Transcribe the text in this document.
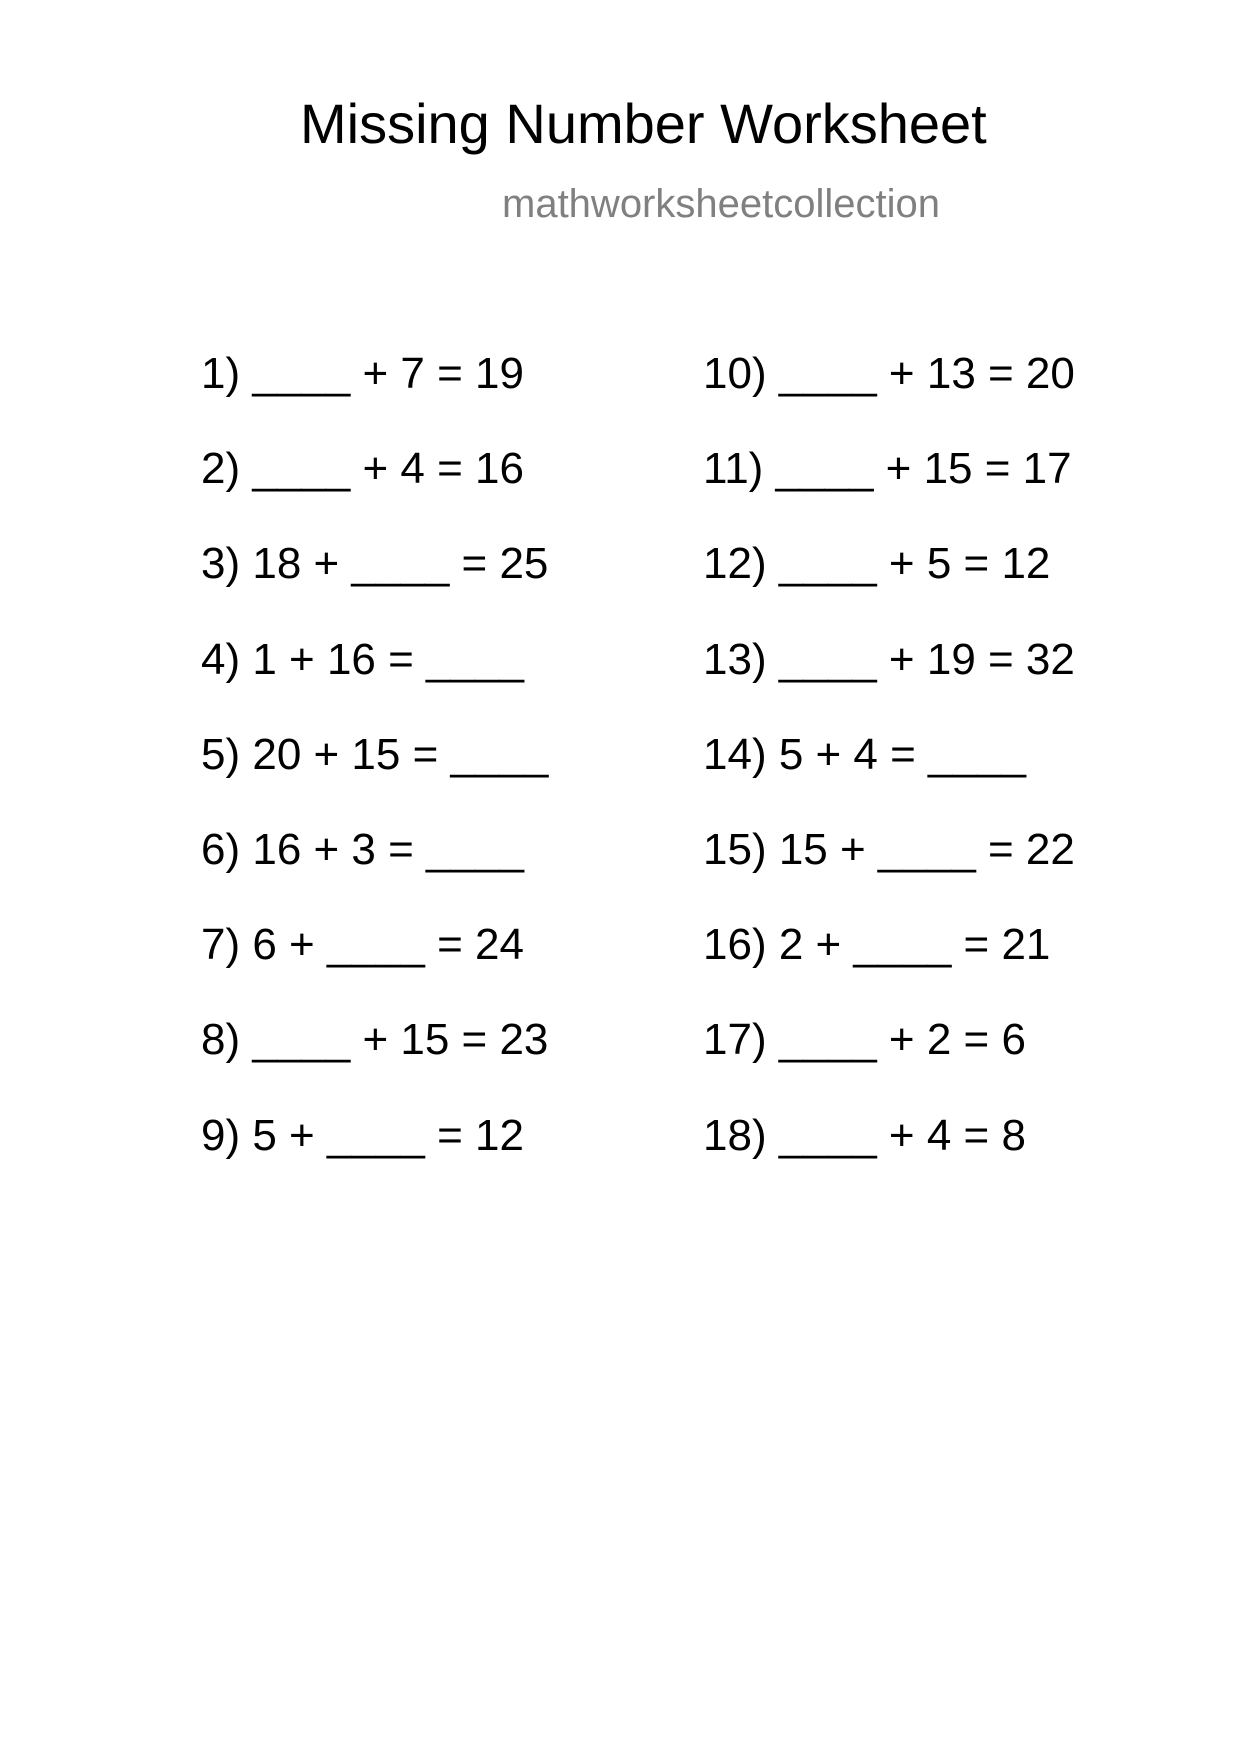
Missing Number Worksheet
mathworksheetcollection
1) ____ + 7 = 19
2) ____ + 4 = 16
3) 18 + ____ = 25
4) 1 + 16 = ____
5) 20 + 15 = ____
6) 16 + 3 = ____
7) 6 + ____ = 24
8) ____ + 15 = 23
9) 5 + ____ = 12
10) ____ + 13 = 20
11) ____ + 15 = 17
12) ____ + 5 = 12
13) ____ + 19 = 32
14) 5 + 4 = ____
15) 15 + ____ = 22
16) 2 + ____ = 21
17) ____ + 2 = 6
18) ____ + 4 = 8
